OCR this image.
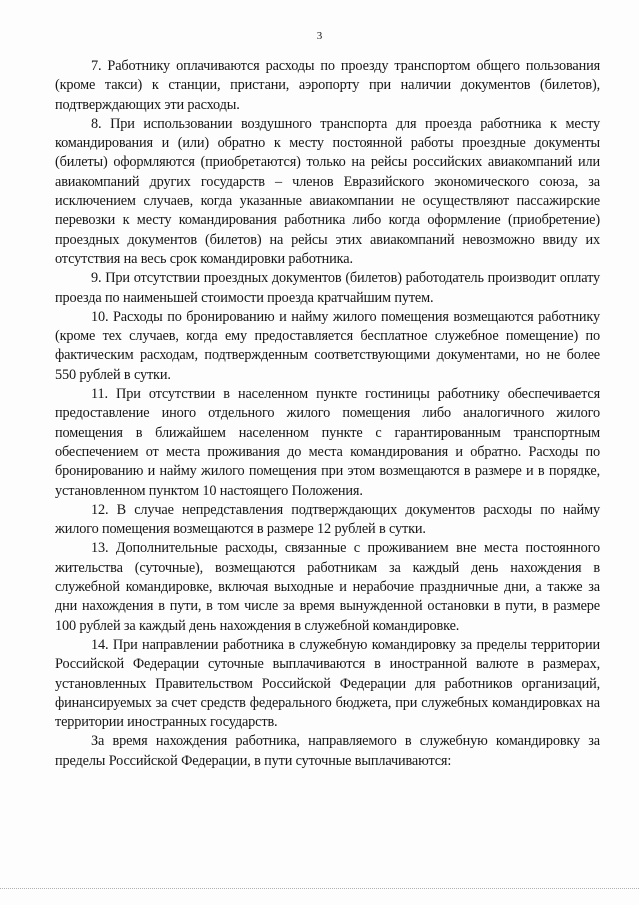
3

7. Работнику оплачиваются расходы по проезду транспортом общего пользования (кроме такси) к станции, пристани, аэропорту при наличии документов (билетов), подтверждающих эти расходы.

8. При использовании воздушного транспорта для проезда работника к месту командирования и (или) обратно к месту постоянной работы проездные документы (билеты) оформляются (приобретаются) только на рейсы российских авиакомпаний или авиакомпаний других государств – членов Евразийского экономического союза, за исключением случаев, когда указанные авиакомпании не осуществляют пассажирские перевозки к месту командирования работника либо когда оформление (приобретение) проездных документов (билетов) на рейсы этих авиакомпаний невозможно ввиду их отсутствия на весь срок командировки работника.

9. При отсутствии проездных документов (билетов) работодатель производит оплату проезда по наименьшей стоимости проезда кратчайшим путем.

10. Расходы по бронированию и найму жилого помещения возмещаются работнику (кроме тех случаев, когда ему предоставляется бесплатное служебное помещение) по фактическим расходам, подтвержденным соответствующими документами, но не более 550 рублей в сутки.

11. При отсутствии в населенном пункте гостиницы работнику обеспечивается предоставление иного отдельного жилого помещения либо аналогичного жилого помещения в ближайшем населенном пункте с гарантированным транспортным обеспечением от места проживания до места командирования и обратно. Расходы по бронированию и найму жилого помещения при этом возмещаются в размере и в порядке, установленном пунктом 10 настоящего Положения.

12. В случае непредставления подтверждающих документов расходы по найму жилого помещения возмещаются в размере 12 рублей в сутки.

13. Дополнительные расходы, связанные с проживанием вне места постоянного жительства (суточные), возмещаются работникам за каждый день нахождения в служебной командировке, включая выходные и нерабочие праздничные дни, а также за дни нахождения в пути, в том числе за время вынужденной остановки в пути, в размере 100 рублей за каждый день нахождения в служебной командировке.

14. При направлении работника в служебную командировку за пределы территории Российской Федерации суточные выплачиваются в иностранной валюте в размерах, установленных Правительством Российской Федерации для работников организаций, финансируемых за счет средств федерального бюджета, при служебных командировках на территории иностранных государств.

За время нахождения работника, направляемого в служебную командировку за пределы Российской Федерации, в пути суточные выплачиваются:
